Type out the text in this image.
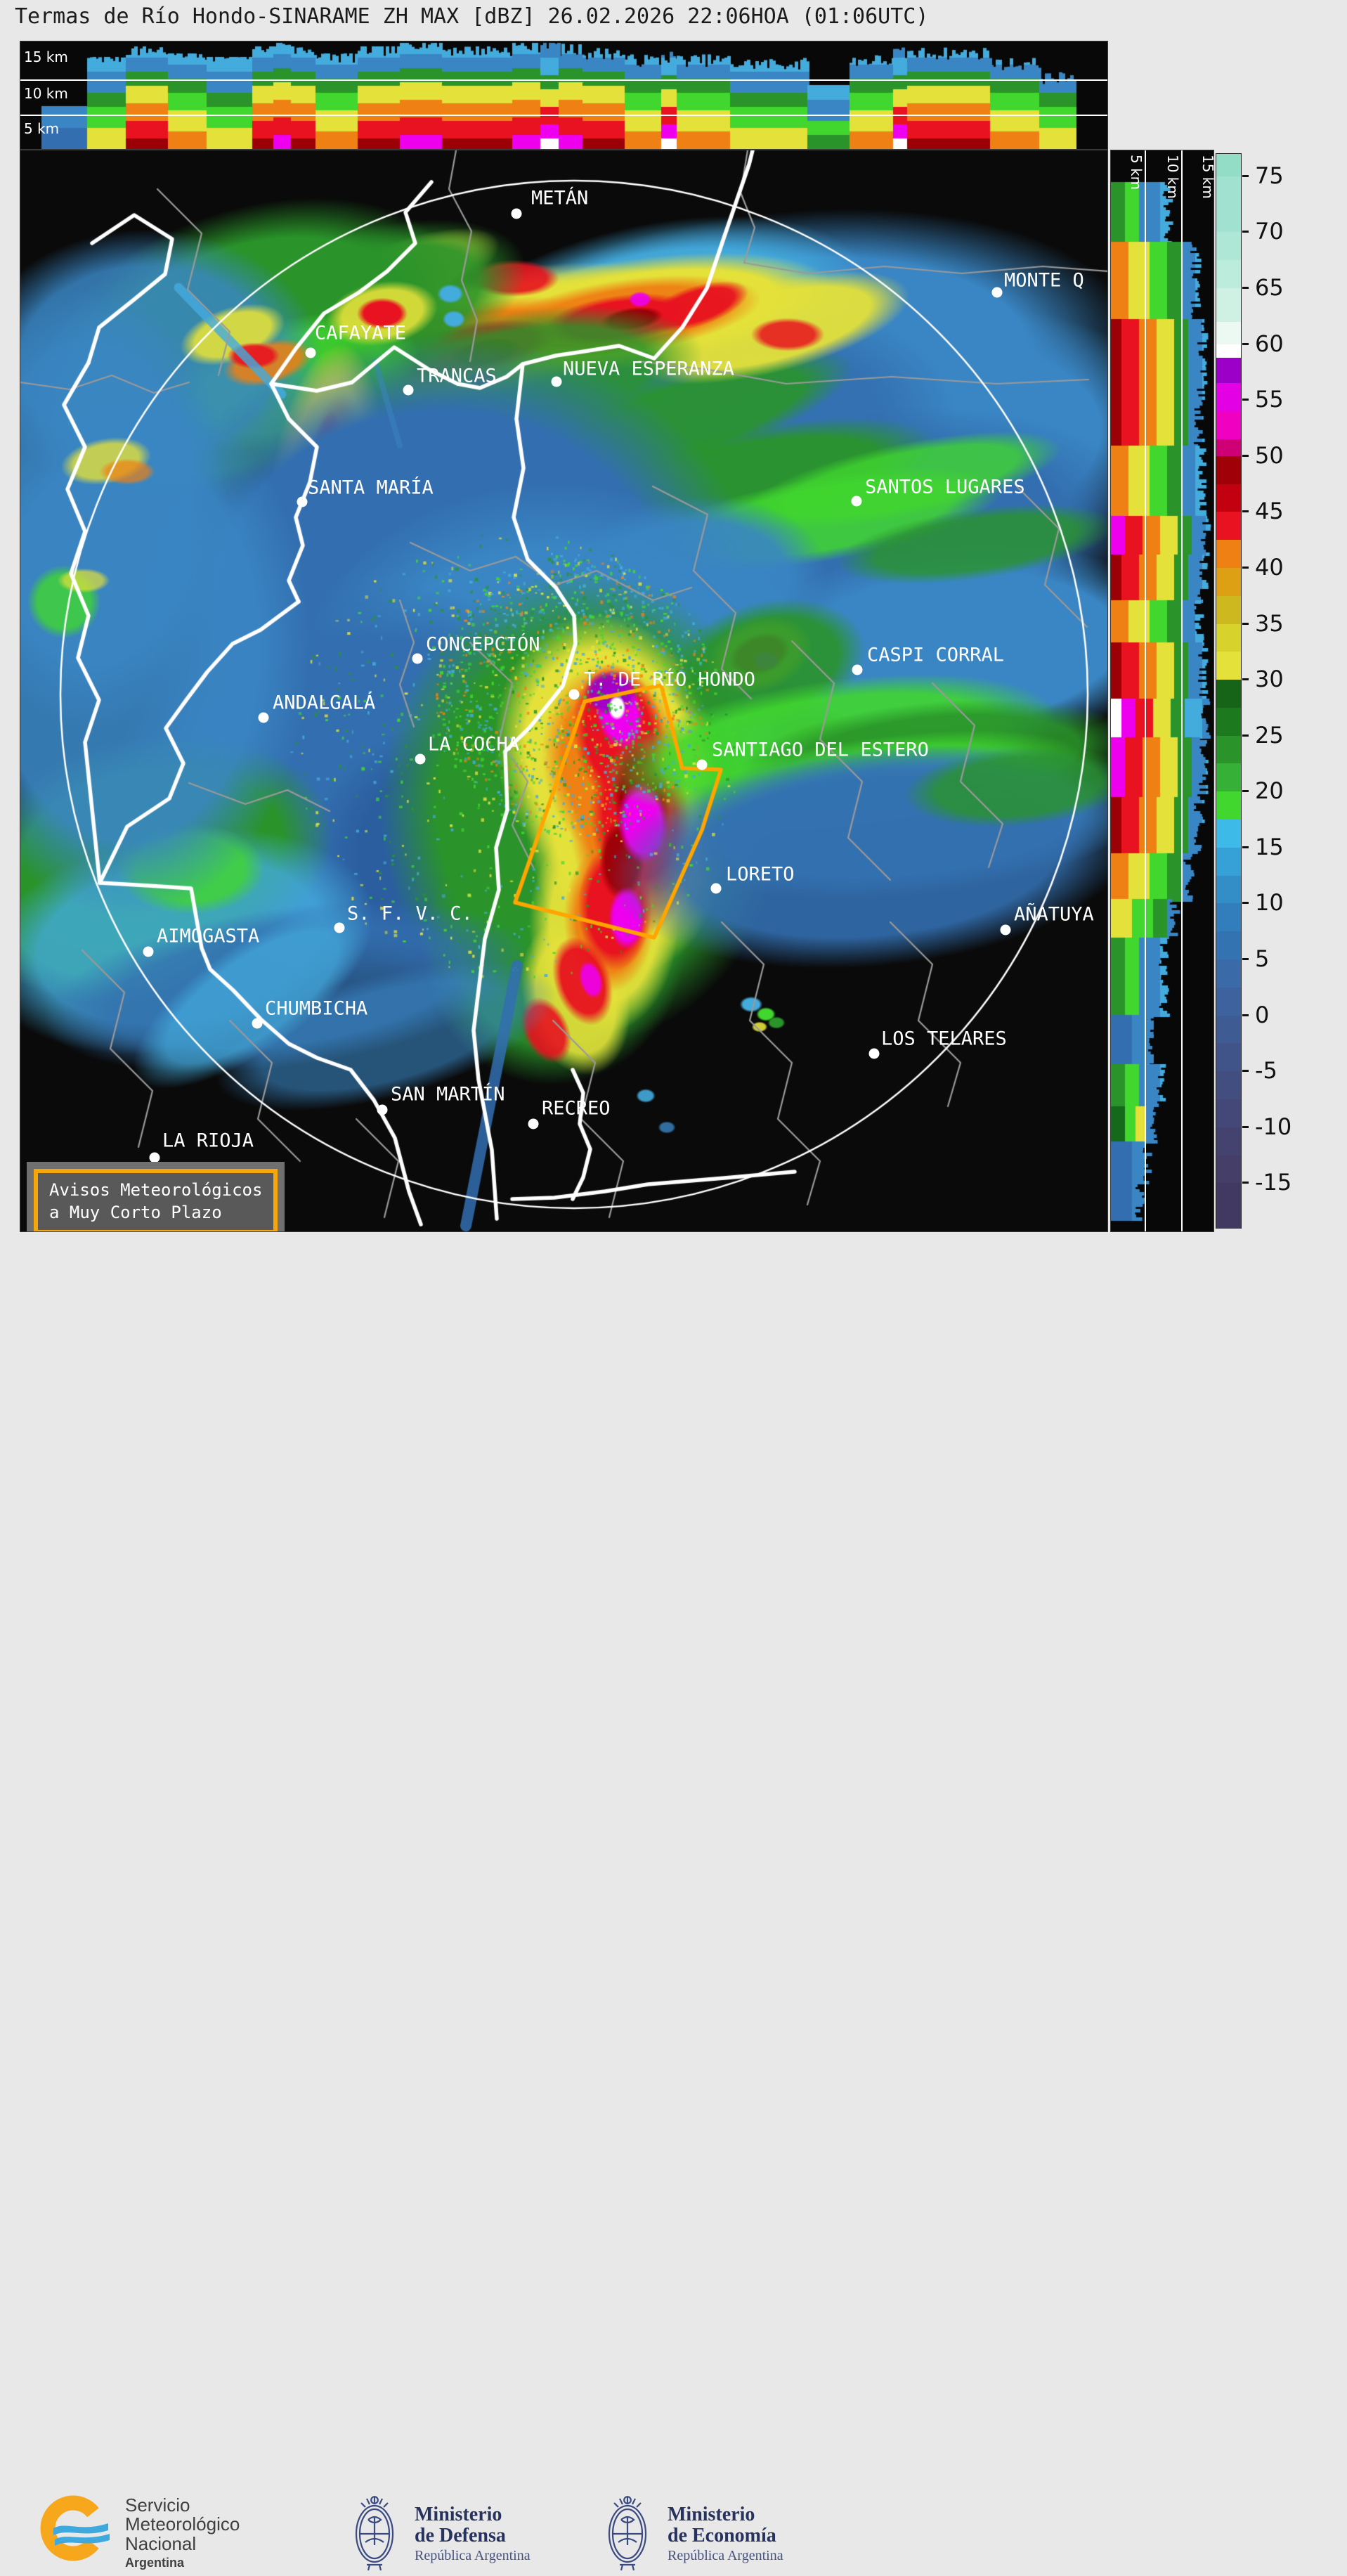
Termas de Río Hondo-SINARAME ZH MAX [dBZ] 26.02.2026 22:06HOA (01:06UTC)
15 km
10 km
5 km
METÁN
MONTE Q
CAFAYATE
TRANCAS	NUEVA ESPERANZA
SANTA MARÍA	SANTOS LUGARES
CONCEPCIÓN	CASPI CORRAL
T. DE RÍO HONDO
ANDALGALÁ
LA COCHA	SANTIAGO DEL ESTERO
LORETO
S. F. V. C.	AÑATUYA
AIMOGASTA
CHUMBICHA
LOS TELARES
SAN MARTÍN
RECREO
LA RIOJA
Avisos Meteorológicos
a Muy Corto Plazo
5 km 10 km 15 km 75
70
65
60
55
50
45
40
35
30
25
20
15
10
5
0
-5
-10
-15
Servicio
Meteorológico
Nacional
Argentina
Ministerio
de Defensa
República Argentina
Ministerio
de Economía
República Argentina
